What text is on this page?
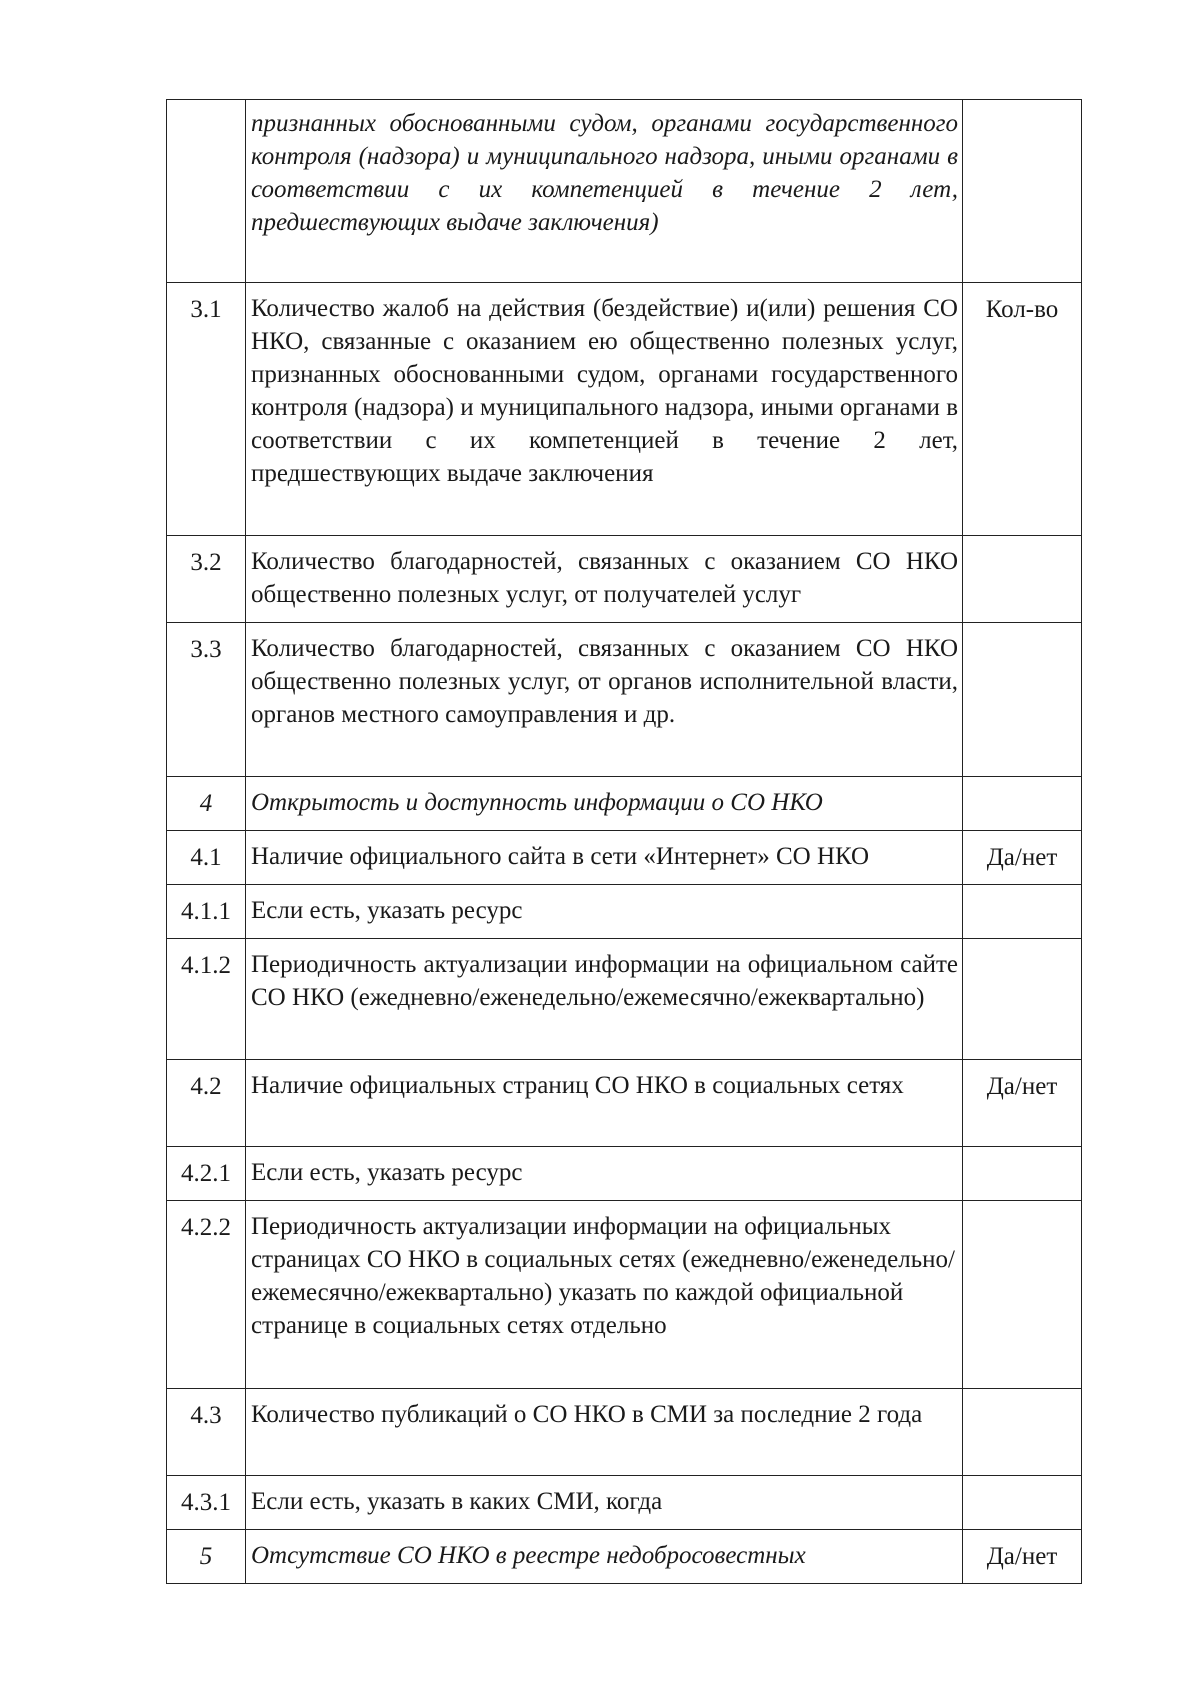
	признанных обоснованными судом, органами государственного контроля (надзора) и муниципального надзора, иными органами в соответствии с их компетенцией в течение 2 лет, предшествующих выдаче заключения)	
3.1	Количество жалоб на действия (бездействие) и(или) решения СО НКО, связанные с оказанием ею общественно полезных услуг, признанных обоснованными судом, органами государственного контроля (надзора) и муниципального надзора, иными органами в соответствии с их компетенцией в течение 2 лет, предшествующих выдаче заключения	Кол-во
3.2	Количество благодарностей, связанных с оказанием СО НКО общественно полезных услуг, от получателей услуг	
3.3	Количество благодарностей, связанных с оказанием СО НКО общественно полезных услуг, от органов исполнительной власти, органов местного самоуправления и др.	
4	Открытость и доступность информации о СО НКО	
4.1	Наличие официального сайта в сети «Интернет» СО НКО	Да/нет
4.1.1	Если есть, указать ресурс	
4.1.2	Периодичность актуализации информации на официальном сайте СО НКО (ежедневно/еженедельно/ежемесячно/ежеквартально)	
4.2	Наличие официальных страниц СО НКО в социальных сетях	Да/нет
4.2.1	Если есть, указать ресурс	
4.2.2	Периодичность актуализации информации на официальных страницах СО НКО в социальных сетях (ежедневно/еженедельно/ежемесячно/ежеквартально) указать по каждой официальной странице в социальных сетях отдельно	
4.3	Количество публикаций о СО НКО в СМИ за последние 2 года	
4.3.1	Если есть, указать в каких СМИ, когда	
5	Отсутствие СО НКО в реестре недобросовестных	Да/нет
